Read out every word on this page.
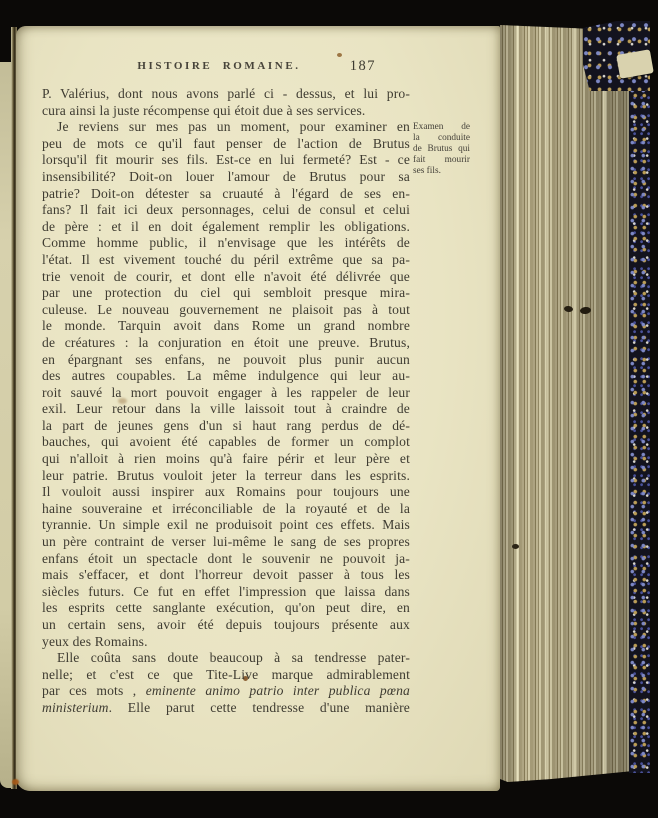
HISTOIRE ROMAINE.	187
P. Valérius, dont nous avons parlé ci - dessus, et lui pro-
cura ainsi la juste récompense qui étoit due à ses services.
Je reviens sur mes pas un moment, pour examiner en
peu de mots ce qu'il faut penser de l'action de Brutus
lorsqu'il fit mourir ses fils. Est-ce en lui fermeté? Est - ce
insensibilité? Doit-on louer l'amour de Brutus pour sa
patrie? Doit-on détester sa cruauté à l'égard de ses en-
fans? Il fait ici deux personnages, celui de consul et celui
de père : et il en doit également remplir les obligations.
Comme homme public, il n'envisage que les intérêts de
l'état. Il est vivement touché du péril extrême que sa pa-
trie venoit de courir, et dont elle n'avoit été délivrée que
par une protection du ciel qui sembloit presque mira-
culeuse. Le nouveau gouvernement ne plaisoit pas à tout
le monde. Tarquin avoit dans Rome un grand nombre
de créatures : la conjuration en étoit une preuve. Brutus,
en épargnant ses enfans, ne pouvoit plus punir aucun
des autres coupables. La même indulgence qui leur au-
roit sauvé la mort pouvoit engager à les rappeler de leur
exil. Leur retour dans la ville laissoit tout à craindre de
la part de jeunes gens d'un si haut rang perdus de dé-
bauches, qui avoient été capables de former un complot
qui n'alloit à rien moins qu'à faire périr et leur père et
leur patrie. Brutus vouloit jeter la terreur dans les esprits.
Il vouloit aussi inspirer aux Romains pour toujours une
haine souveraine et irréconciliable de la royauté et de la
tyrannie. Un simple exil ne produisoit point ces effets. Mais
un père contraint de verser lui-même le sang de ses propres
enfans étoit un spectacle dont le souvenir ne pouvoit ja-
mais s'effacer, et dont l'horreur devoit passer à tous les
siècles futurs. Ce fut en effet l'impression que laissa dans
les esprits cette sanglante exécution, qu'on peut dire, en
un certain sens, avoir été depuis toujours présente aux
yeux des Romains.
Elle coûta sans doute beaucoup à sa tendresse pater-
nelle; et c'est ce que Tite-Live marque admirablement
par ces mots , eminente animo patrio inter publica pœna
ministerium. Elle parut cette tendresse d'une manière
Examen de
la conduite
de Brutus qui
fait mourir
ses fils.
